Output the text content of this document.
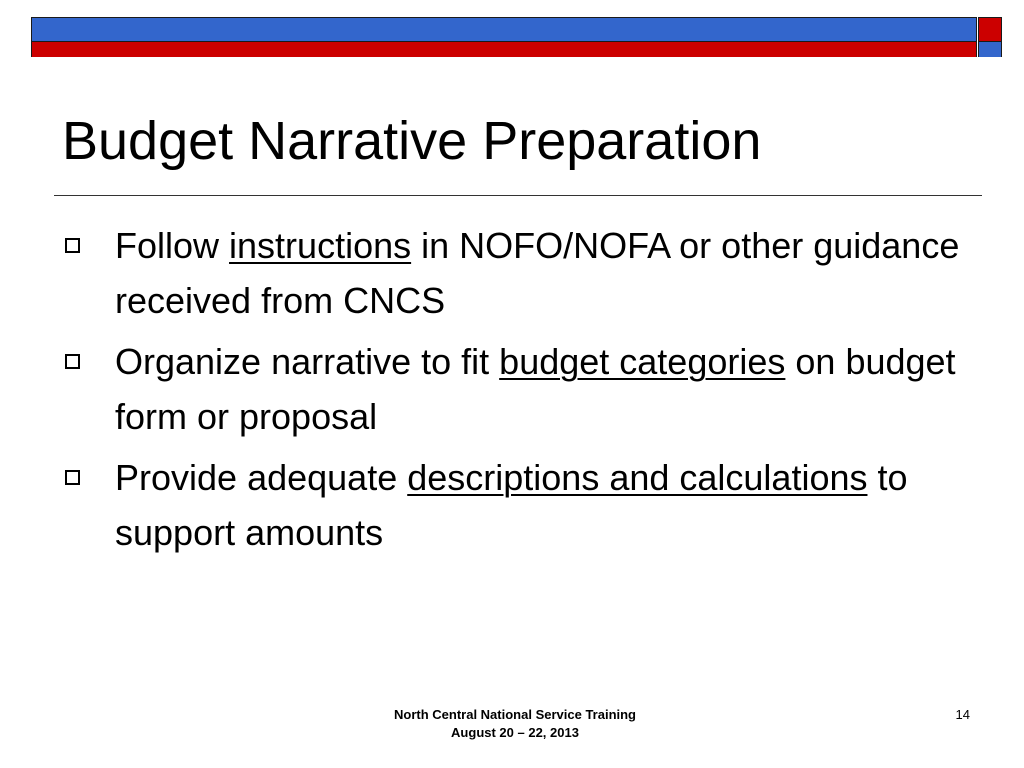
Budget Narrative Preparation
Follow instructions in NOFO/NOFA or other guidance received from CNCS
Organize narrative to fit budget categories on budget form or proposal
Provide adequate descriptions and calculations to support amounts
North Central National Service Training
August 20 – 22, 2013
14
